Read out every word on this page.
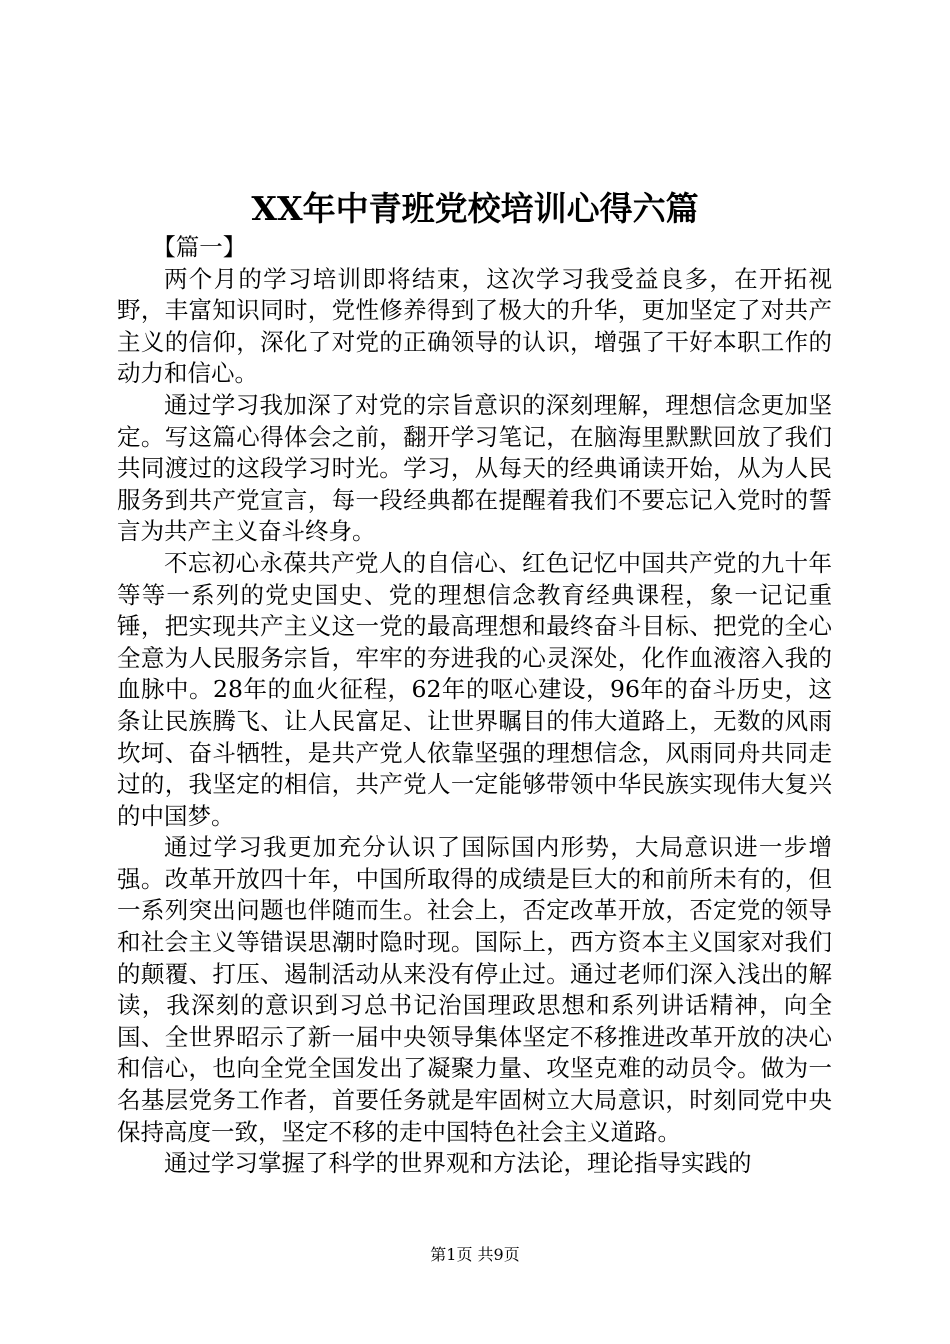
XX年中青班党校培训心得六篇
【篇一】

两个月的学习培训即将结束，这次学习我受益良多，在开拓视野，丰富知识同时，党性修养得到了极大的升华，更加坚定了对共产主义的信仰，深化了对党的正确领导的认识，增强了干好本职工作的动力和信心。

通过学习我加深了对党的宗旨意识的深刻理解，理想信念更加坚定。写这篇心得体会之前，翻开学习笔记，在脑海里默默回放了我们共同渡过的这段学习时光。学习，从每天的经典诵读开始，从为人民服务到共产党宣言，每一段经典都在提醒着我们不要忘记入党时的誓言为共产主义奋斗终身。

不忘初心永葆共产党人的自信心、红色记忆中国共产党的九十年等等一系列的党史国史、党的理想信念教育经典课程，象一记记重锤，把实现共产主义这一党的最高理想和最终奋斗目标、把党的全心全意为人民服务宗旨，牢牢的夯进我的心灵深处，化作血液溶入我的血脉中。28年的血火征程，62年的呕心建设，96年的奋斗历史，这条让民族腾飞、让人民富足、让世界瞩目的伟大道路上，无数的风雨坎坷、奋斗牺牲，是共产党人依靠坚强的理想信念，风雨同舟共同走过的，我坚定的相信，共产党人一定能够带领中华民族实现伟大复兴的中国梦。

通过学习我更加充分认识了国际国内形势，大局意识进一步增强。改革开放四十年，中国所取得的成绩是巨大的和前所未有的，但一系列突出问题也伴随而生。社会上，否定改革开放，否定党的领导和社会主义等错误思潮时隐时现。国际上，西方资本主义国家对我们的颠覆、打压、遏制活动从来没有停止过。通过老师们深入浅出的解读，我深刻的意识到习总书记治国理政思想和系列讲话精神，向全国、全世界昭示了新一届中央领导集体坚定不移推进改革开放的决心和信心，也向全党全国发出了凝聚力量、攻坚克难的动员令。做为一名基层党务工作者，首要任务就是牢固树立大局意识，时刻同党中央保持高度一致，坚定不移的走中国特色社会主义道路。

通过学习掌握了科学的世界观和方法论，理论指导实践的

第1页 共9页
